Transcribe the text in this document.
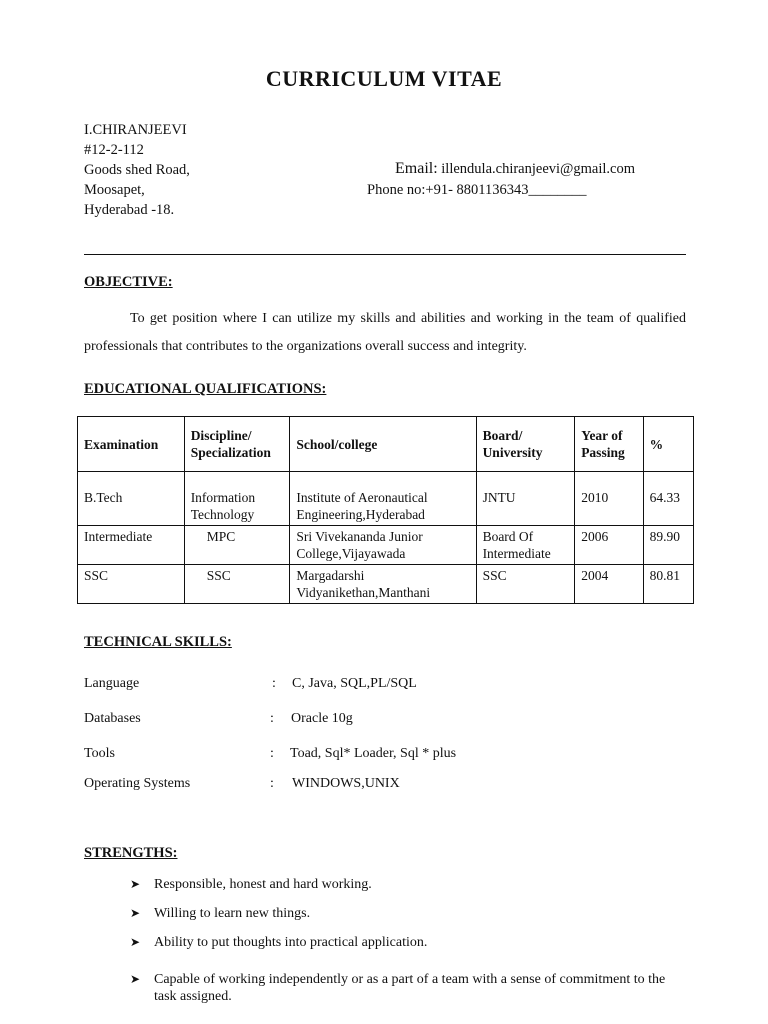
CURRICULUM VITAE
I.CHIRANJEEVI
#12-2-112
Goods shed Road,
Moosapet,
Hyderabad -18.
Email: illendula.chiranjeevi@gmail.com
Phone no:+91- 8801136343________
OBJECTIVE:
To get position where I can utilize my skills and abilities and working in the team of qualified professionals that contributes to the organizations overall success and integrity.
EDUCATIONAL QUALIFICATIONS:
Examination	Discipline/ Specialization	School/college	Board/ University	Year of Passing	%
B.Tech	Information Technology	Institute of Aeronautical Engineering,Hyderabad	JNTU	2010	64.33
Intermediate	MPC	Sri Vivekananda Junior College,Vijayawada	Board Of Intermediate	2006	89.90
SSC	SSC	Margadarshi Vidyanikethan,Manthani	SSC	2004	80.81
TECHNICAL SKILLS:
Language	: C, Java, SQL,PL/SQL
Databases	: Oracle 10g
Tools	: Toad, Sql* Loader, Sql * plus
Operating Systems	: WINDOWS,UNIX
STRENGTHS:
➤ Responsible, honest and hard working.
➤ Willing to learn new things.
➤ Ability to put thoughts into practical application.
➤ Capable of working independently or as a part of a team with a sense of commitment to the task assigned.
